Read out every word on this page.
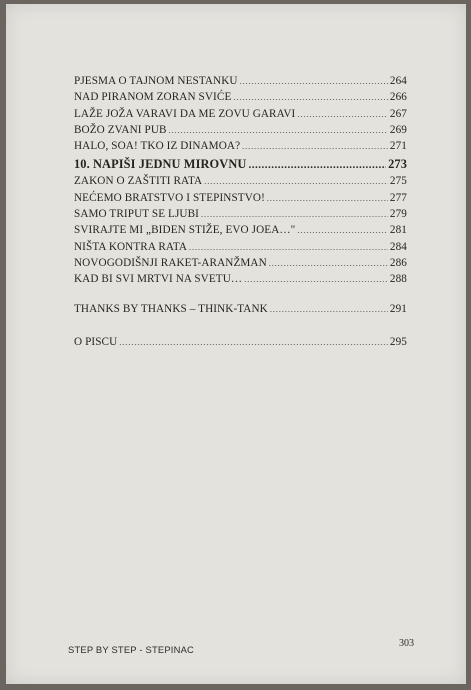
PJESMA O TAJNOM NESTANKU .....	264
NAD PIRANOM ZORAN SVIĆE .....	266
LAŽE JOŽA VARAVI DA ME ZOVU GARAVI .....	267
BOŽO ZVANI PUB .....	269
HALO, SOA! TKO IZ DINAMOA? .....	271
10. NAPIŠI JEDNU MIROVNU .....	273
ZAKON O ZAŠTITI RATA .....	275
NEĆEMO BRATSTVO I STEPINSTVO! .....	277
SAMO TRIPUT SE LJUBI .....	279
SVIRAJTE MI „BIDEN STIŽE, EVO JOEA…" .....	281
NIŠTA KONTRA RATA .....	284
NOVOGODIŠNJI RAKET-ARANŽMAN .....	286
KAD BI SVI MRTVI NA SVETU… .....	288
THANKS BY THANKS – THINK-TANK .....	291
O PISCU .....	295
STEP BY STEP - STEPINAC
303
